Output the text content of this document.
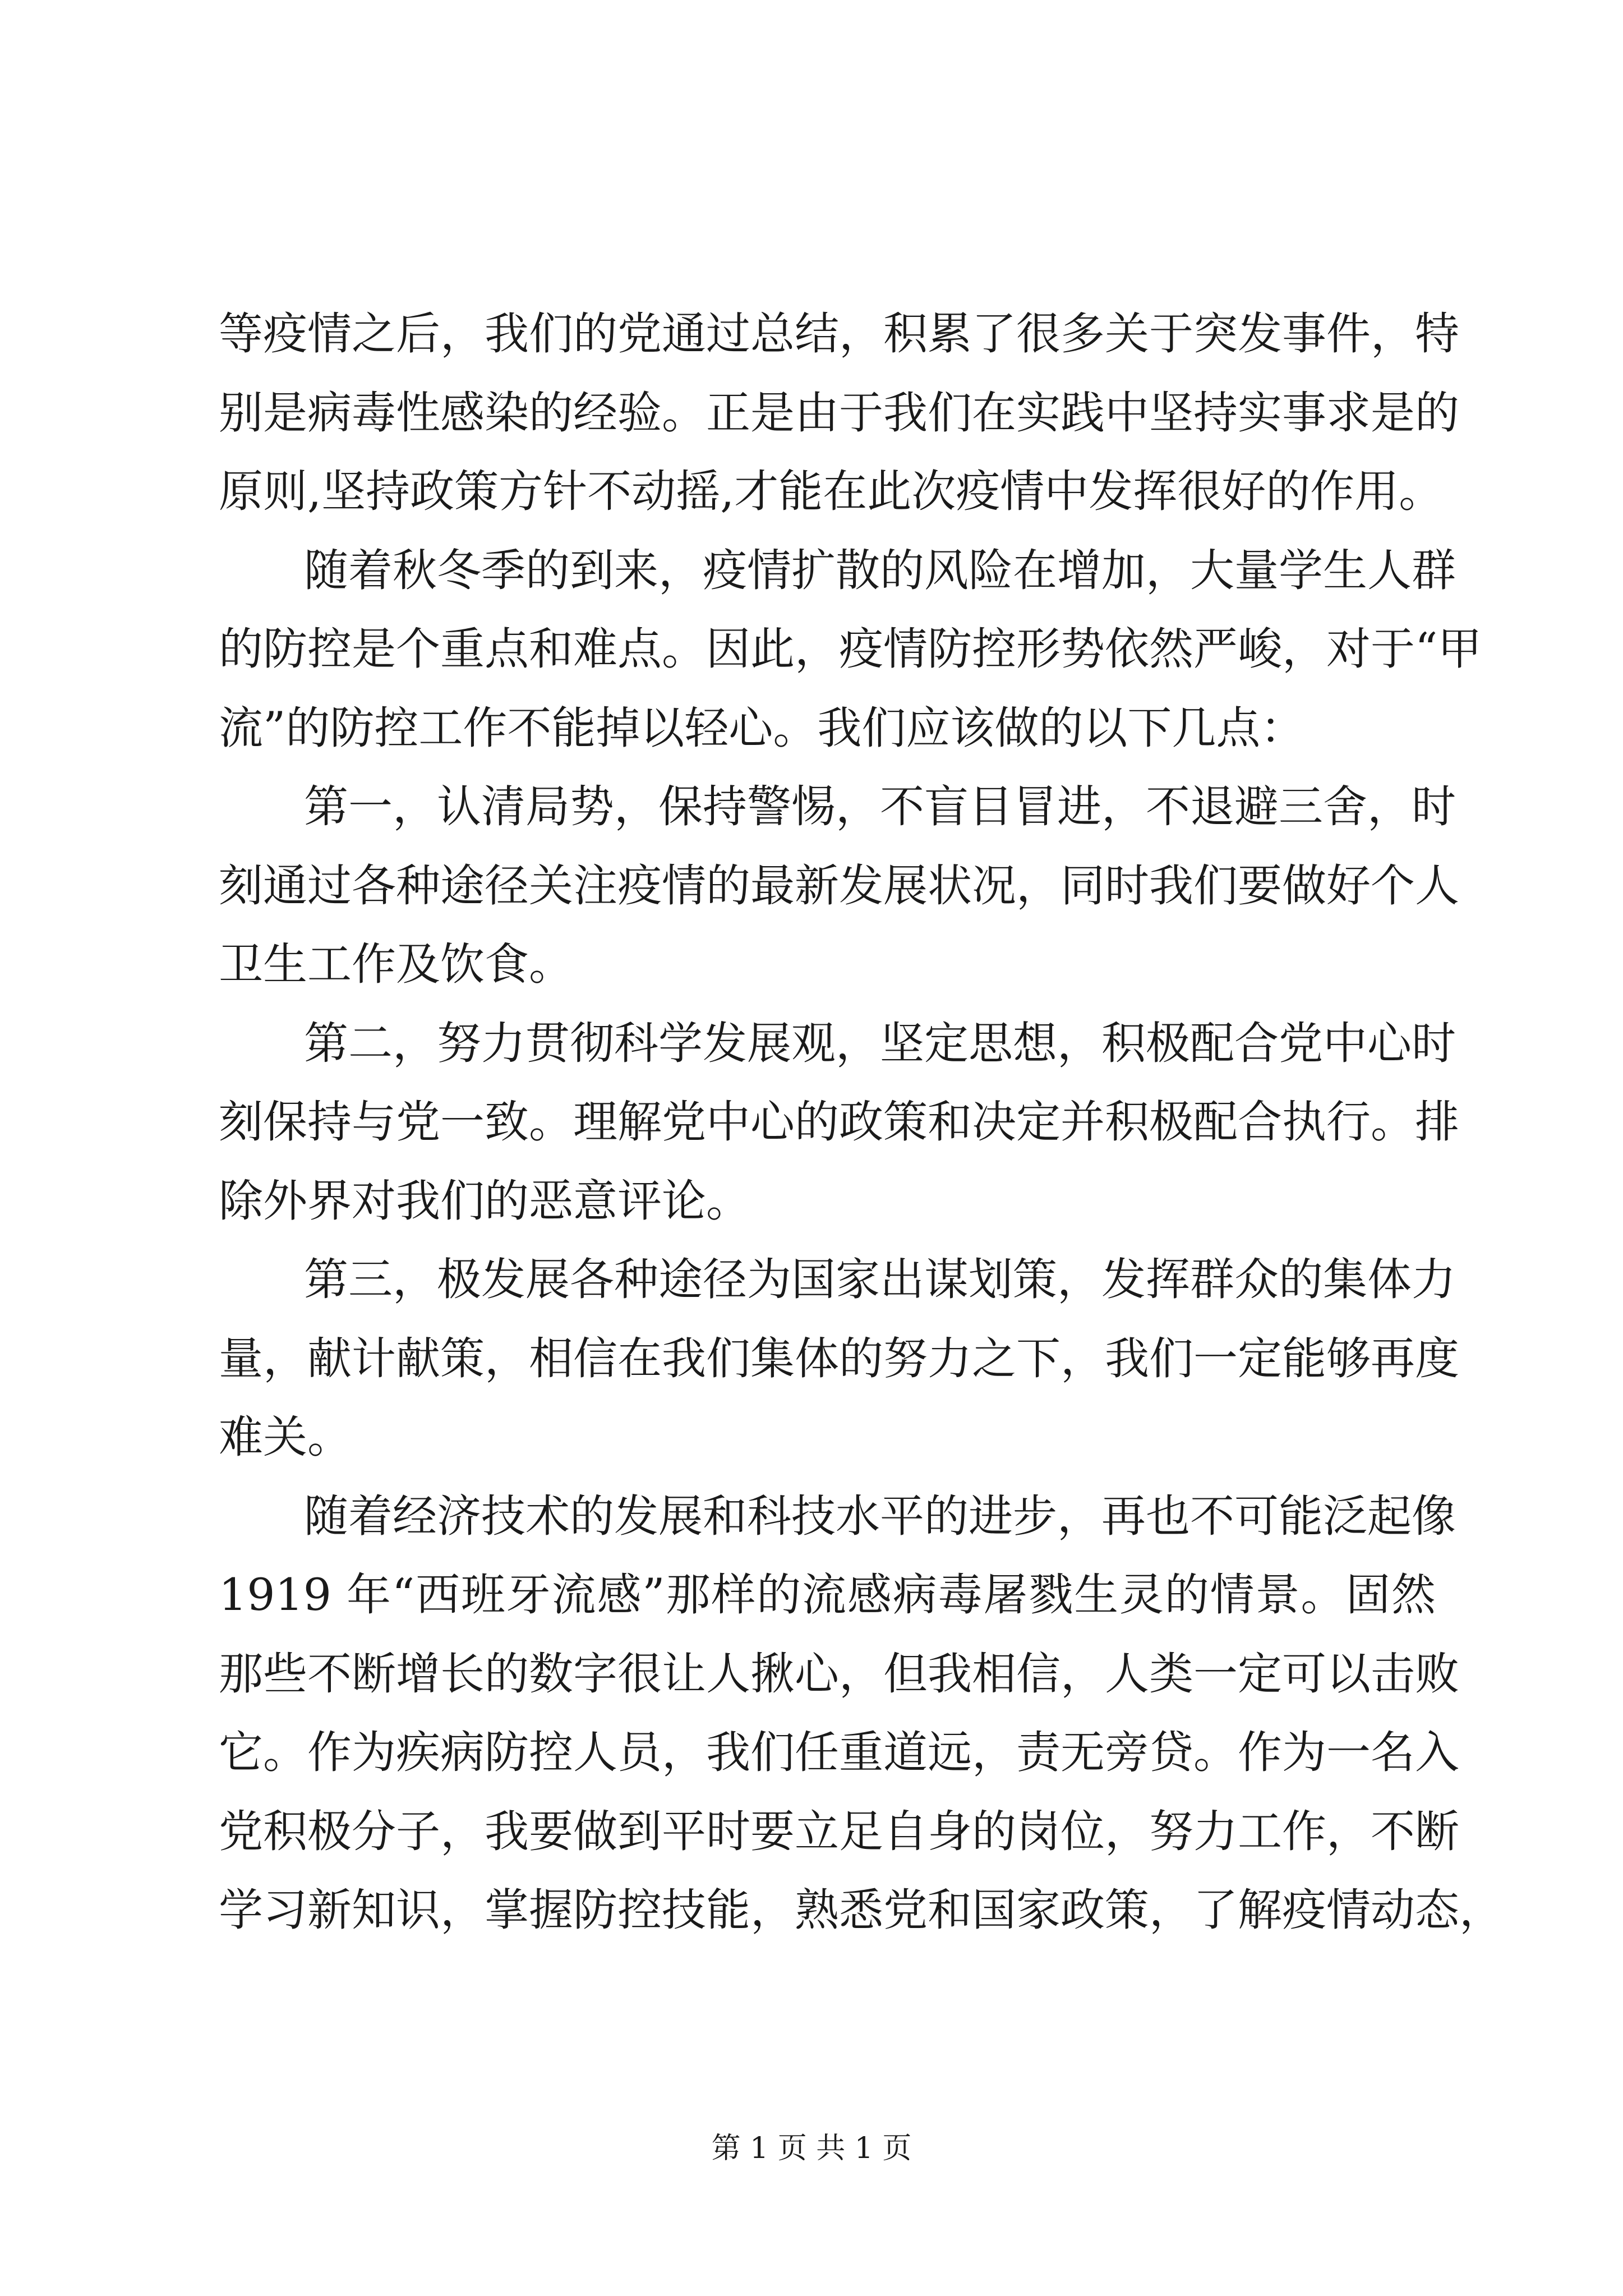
等疫情之后，我们的党通过总结，积累了很多关于突发事件，特
别是病毒性感染的经验。正是由于我们在实践中坚持实事求是的
原则,坚持政策方针不动摇,才能在此次疫情中发挥很好的作用。
随着秋冬季的到来，疫情扩散的风险在增加，大量学生人群
的防控是个重点和难点。因此，疫情防控形势依然严峻，对于“甲
流”的防控工作不能掉以轻心。我们应该做的以下几点：
第一，认清局势，保持警惕，不盲目冒进，不退避三舍，时
刻通过各种途径关注疫情的最新发展状况，同时我们要做好个人
卫生工作及饮食。
第二，努力贯彻科学发展观，坚定思想，积极配合党中心时
刻保持与党一致。理解党中心的政策和决定并积极配合执行。排
除外界对我们的恶意评论。
第三，极发展各种途径为国家出谋划策，发挥群众的集体力
量，献计献策，相信在我们集体的努力之下，我们一定能够再度
难关。
随着经济技术的发展和科技水平的进步，再也不可能泛起像
1919 年“西班牙流感”那样的流感病毒屠戮生灵的情景。固然
那些不断增长的数字很让人揪心，但我相信，人类一定可以击败
它。作为疾病防控人员，我们任重道远，责无旁贷。作为一名入
党积极分子，我要做到平时要立足自身的岗位，努力工作，不断
学习新知识，掌握防控技能，熟悉党和国家政策，了解疫情动态，
第 1 页 共 1 页
